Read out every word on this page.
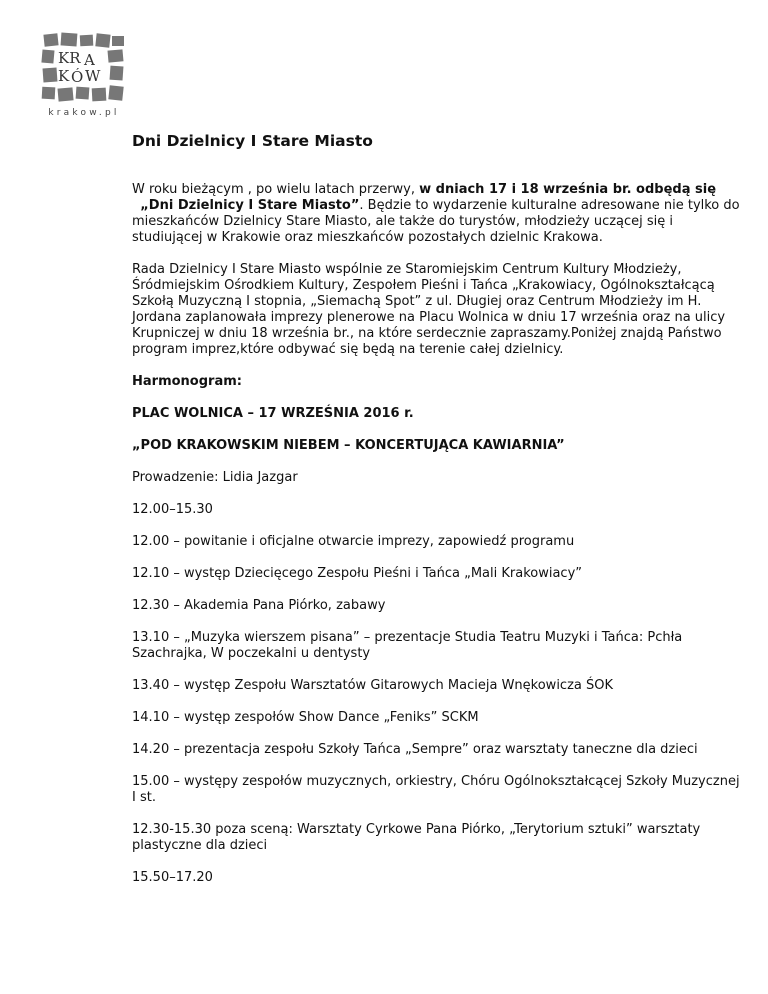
KR A
K Ó W
krakow.pl
Dni Dzielnicy I Stare Miasto

W roku bieżącym , po wielu latach przerwy, w dniach 17 i 18 września br. odbędą się  „Dni Dzielnicy I Stare Miasto”. Będzie to wydarzenie kulturalne adresowane nie tylko do mieszkańców Dzielnicy Stare Miasto, ale także do turystów, młodzieży uczącej się i studiującej w Krakowie oraz mieszkańców pozostałych dzielnic Krakowa.

Rada Dzielnicy I Stare Miasto wspólnie ze Staromiejskim Centrum Kultury Młodzieży, Śródmiejskim Ośrodkiem Kultury, Zespołem Pieśni i Tańca „Krakowiacy, Ogólnokształcącą Szkołą Muzyczną I stopnia, „Siemachą Spot” z ul. Długiej oraz Centrum Młodzieży im H. Jordana zaplanowała imprezy plenerowe na Placu Wolnica w dniu 17 września oraz na ulicy Krupniczej w dniu 18 września br., na które serdecznie zapraszamy.Poniżej znajdą Państwo program imprez,które odbywać się będą na terenie całej dzielnicy.

Harmonogram:

PLAC WOLNICA – 17 WRZEŚNIA 2016 r.

„POD KRAKOWSKIM NIEBEM – KONCERTUJĄCA KAWIARNIA”

Prowadzenie: Lidia Jazgar

12.00–15.30

12.00 – powitanie i oficjalne otwarcie imprezy, zapowiedź programu

12.10 – występ Dziecięcego Zespołu Pieśni i Tańca „Mali Krakowiacy”

12.30 – Akademia Pana Piórko, zabawy

13.10 – „Muzyka wierszem pisana” – prezentacje Studia Teatru Muzyki i Tańca: Pchła Szachrajka, W poczekalni u dentysty

13.40 – występ Zespołu Warsztatów Gitarowych Macieja Wnękowicza ŚOK

14.10 – występ zespołów Show Dance „Feniks” SCKM

14.20 – prezentacja zespołu Szkoły Tańca „Sempre” oraz warsztaty taneczne dla dzieci

15.00 – występy zespołów muzycznych, orkiestry, Chóru Ogólnokształcącej Szkoły Muzycznej I st.

12.30-15.30 poza sceną: Warsztaty Cyrkowe Pana Piórko, „Terytorium sztuki” warsztaty plastyczne dla dzieci

15.50–17.20
